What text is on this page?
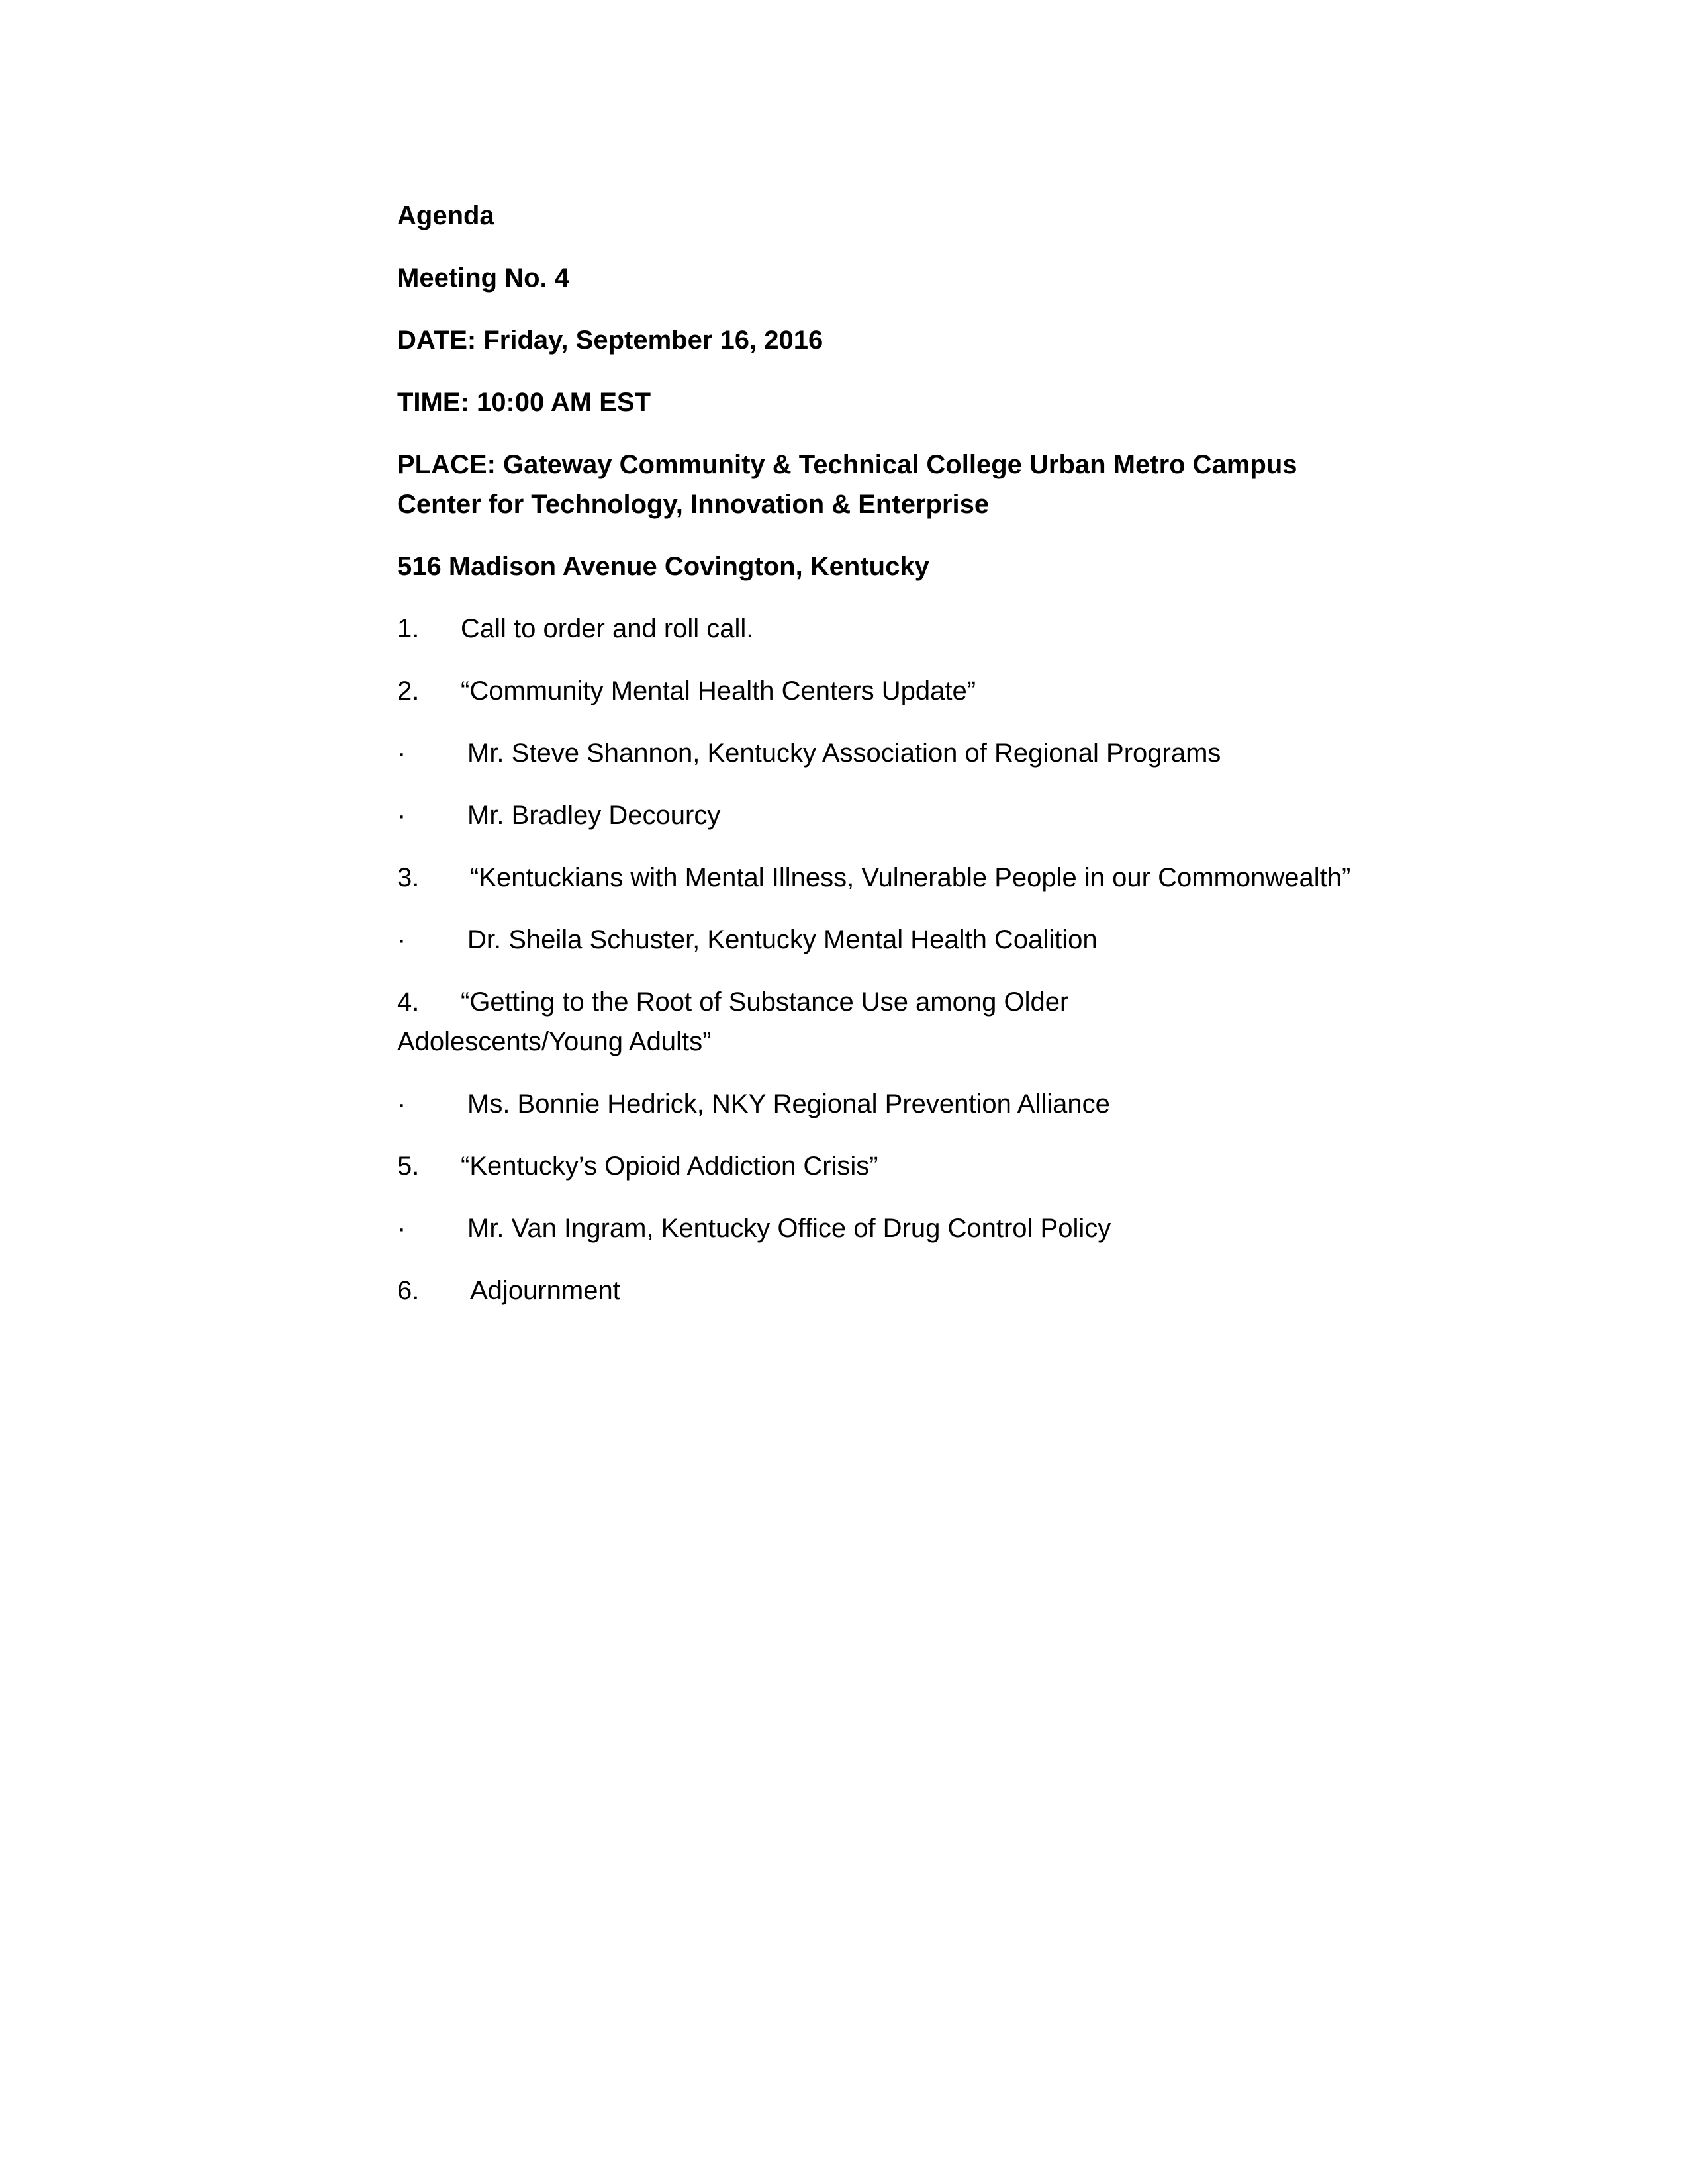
Agenda

Meeting No. 4

DATE: Friday, September 16, 2016

TIME: 10:00 AM EST

PLACE: Gateway Community & Technical College Urban Metro Campus
Center for Technology, Innovation & Enterprise

516 Madison Avenue Covington, Kentucky

1. Call to order and roll call.

2. “Community Mental Health Centers Update”

· Mr. Steve Shannon, Kentucky Association of Regional Programs

· Mr. Bradley Decourcy

3. “Kentuckians with Mental Illness, Vulnerable People in our Commonwealth”

· Dr. Sheila Schuster, Kentucky Mental Health Coalition

4. “Getting to the Root of Substance Use among Older Adolescents/Young Adults”

· Ms. Bonnie Hedrick, NKY Regional Prevention Alliance

5. “Kentucky’s Opioid Addiction Crisis”

· Mr. Van Ingram, Kentucky Office of Drug Control Policy

6. Adjournment
